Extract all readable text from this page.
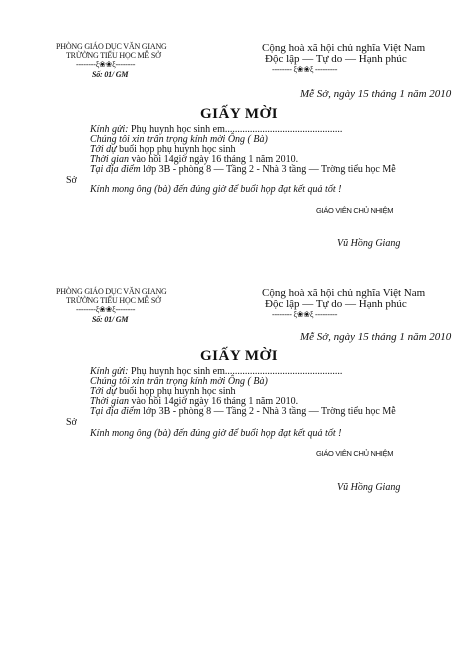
PHÒNG GIÁO DỤC VĂN GIANG
TRỪỜNG TIỂU HỌC MỄ SỞ
--------ξ❀❀ξ--------
Số: 01/ GM
Cộng hoà xã hội chủ nghĩa Việt Nam
Độc lập — Tự do — Hạnh phúc
-------- ξ❀❀ξ ---------
Mễ Sở, ngày 15 tháng 1 năm 2010
GIẤY MỜI
Kính gửi: Phụ huynh học sinh em...............................................
Chúng tôi xin trân trọng kính mời Ông ( Bà)
Tới dự buổi họp phụ huynh học sinh
Thời gian vào hồi 14giờ ngày 16 tháng 1 năm 2010.
Tại địa điểm lớp 3B - phòng 8 — Tầng 2 - Nhà 3 tầng — Trờng tiểu học Mễ
Sở
Kính mong ông (bà) đến đúng giờ để buổi họp đạt kết quả tốt !
GIÁO VIÊN CHỦ NHIỆM
Vũ Hồng Giang
PHÒNG GIÁO DỤC VĂN GIANG
TRỪỜNG TIỂU HỌC MỄ SỞ
--------ξ❀❀ξ--------
Số: 01/ GM
Cộng hoà xã hội chủ nghĩa Việt Nam
Độc lập — Tự do — Hạnh phúc
-------- ξ❀❀ξ ---------
Mễ Sở, ngày 15 tháng 1 năm 2010
GIẤY MỜI
Kính gửi: Phụ huynh học sinh em...............................................
Chúng tôi xin trân trọng kính mời Ông ( Bà)
Tới dự buổi họp phụ huynh học sinh
Thời gian vào hồi 14giờ ngày 16 tháng 1 năm 2010.
Tại địa điểm lớp 3B - phòng 8 — Tầng 2 - Nhà 3 tầng — Trờng tiểu học Mễ
Sở
Kính mong ông (bà) đến đúng giờ để buổi họp đạt kết quả tốt !
GIÁO VIÊN CHỦ NHIỆM
Vũ Hồng Giang
